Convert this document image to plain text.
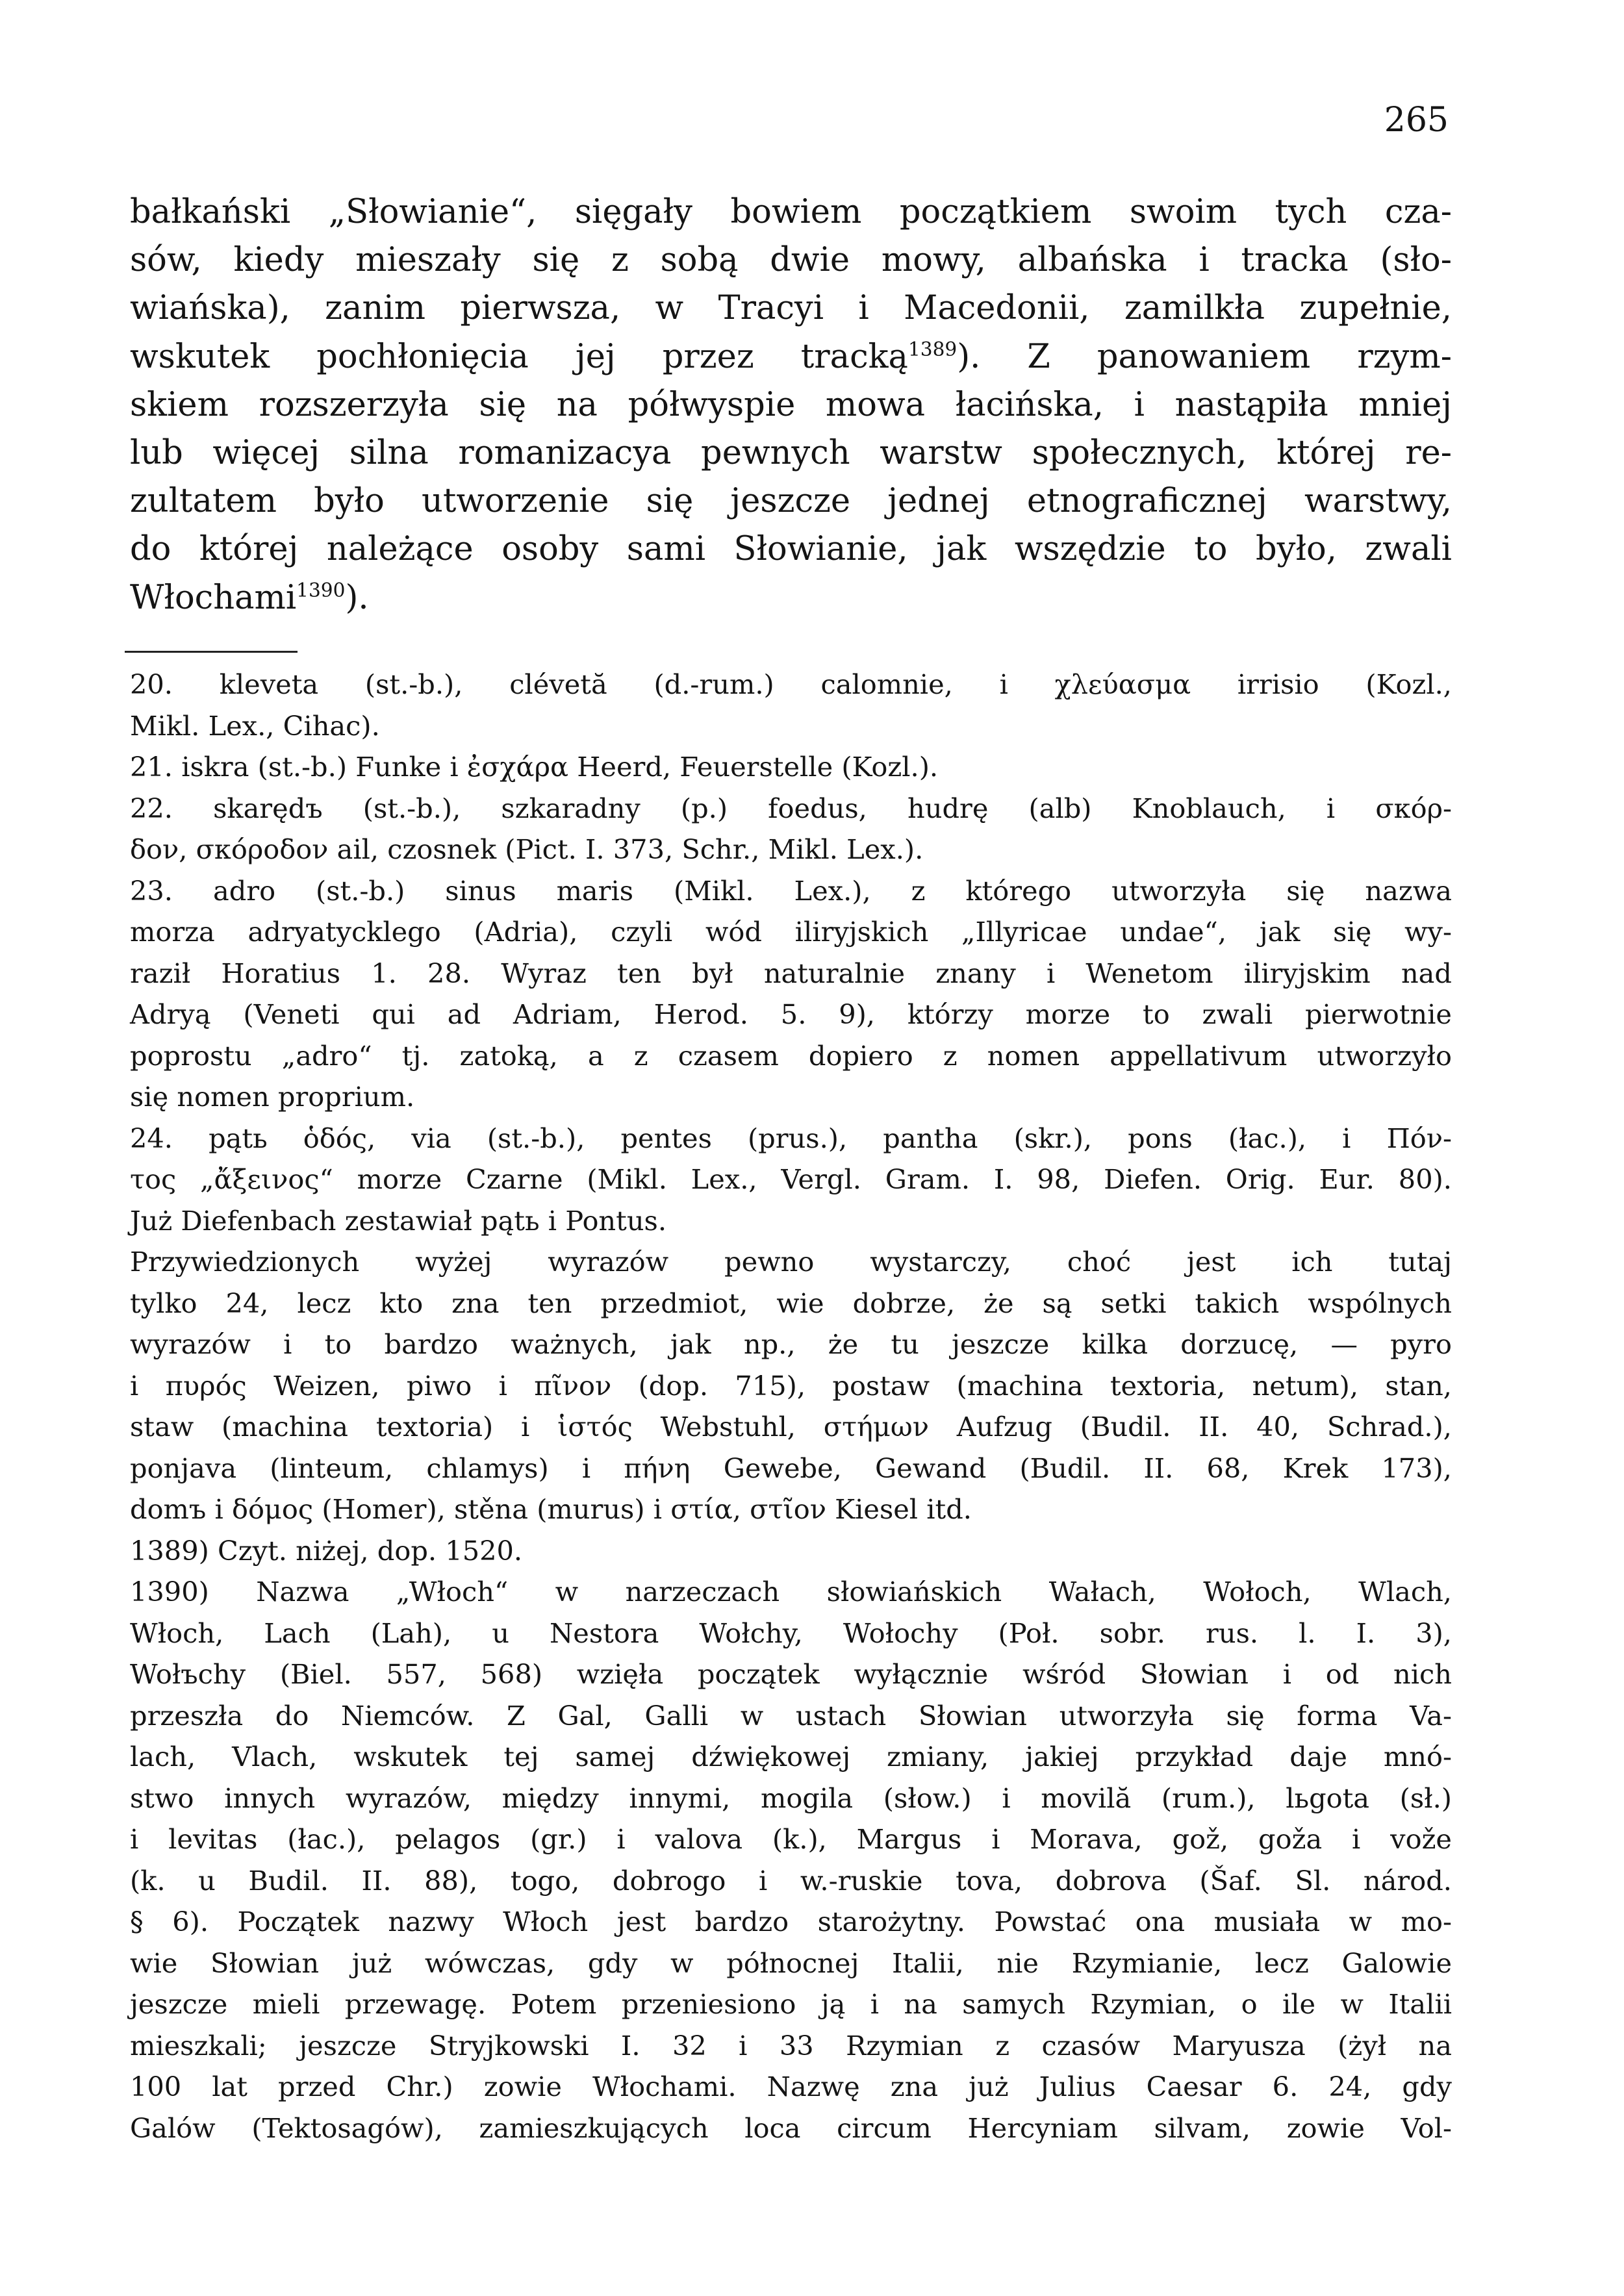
265
bałkański „Słowianie“, sięgały bowiem początkiem swoim tych cza-
sów, kiedy mieszały się z sobą dwie mowy, albańska i tracka (sło-
wiańska), zanim pierwsza, w Tracyi i Macedonii, zamilkła zupełnie,
wskutek pochłonięcia jej przez tracką$^{1389}$). Z panowaniem rzym-
skiem rozszerzyła się na półwyspie mowa łacińska, i nastąpiła mniej
lub więcej silna romanizacya pewnych warstw społecznych, której re-
zultatem było utworzenie się jeszcze jednej etnograficznej warstwy,
do której należące osoby sami Słowianie, jak wszędzie to było, zwali
Włochami$^{1390}$).
20. kleveta (st.-b.), clévetă (d.-rum.) calomnie, i χλεύασμα irrisio (Kozl.,
Mikl. Lex., Cihac).
21. iskra (st.-b.) Funke i ἐσχάρα Heerd, Feuerstelle (Kozl.).
22. skarędъ (st.-b.), szkaradny (p.) foedus, hudrę (alb) Knoblauch, i σκόρ-
δον, σκόροδον ail, czosnek (Pict. I. 373, Schr., Mikl. Lex.).
23. adro (st.-b.) sinus maris (Mikl. Lex.), z którego utworzyła się nazwa
morza adryatycklego (Adria), czyli wód iliryjskich „Illyricae undae“, jak się wy-
raził Horatius 1. 28. Wyraz ten był naturalnie znany i Wenetom iliryjskim nad
Adryą (Veneti qui ad Adriam, Herod. 5. 9), którzy morze to zwali pierwotnie
poprostu „adro“ tj. zatoką, a z czasem dopiero z nomen appellativum utworzyło
się nomen proprium.
24. pątь ὁδός, via (st.-b.), pentes (prus.), pantha (skr.), pons (łac.), i Πόν-
τος „ἄξεινος“ morze Czarne (Mikl. Lex., Vergl. Gram. I. 98, Diefen. Orig. Eur. 80).
Już Diefenbach zestawiał pątь i Pontus.
Przywiedzionych wyżej wyrazów pewno wystarczy, choć jest ich tutaj
tylko 24, lecz kto zna ten przedmiot, wie dobrze, że są setki takich wspólnych
wyrazów i to bardzo ważnych, jak np., że tu jeszcze kilka dorzucę, — pyro
i πυρός Weizen, piwo i πῖνον (dop. 715), postaw (machina textoria, netum), stan,
staw (machina textoria) i ἱστός Webstuhl, στήμων Aufzug (Budil. II. 40, Schrad.),
ponjava (linteum, chlamys) i πήνη Gewebe, Gewand (Budil. II. 68, Krek 173),
domъ i δόμος (Homer), stěna (murus) i στία, στῖον Kiesel itd.
1389) Czyt. niżej, dop. 1520.
1390) Nazwa „Włoch“ w narzeczach słowiańskich Wałach, Wołoch, Wlach,
Włoch, Lach (Lah), u Nestora Wołchy, Wołochy (Poł. sobr. rus. l. I. 3),
Wołъchy (Biel. 557, 568) wzięła początek wyłącznie wśród Słowian i od nich
przeszła do Niemców. Z Gal, Galli w ustach Słowian utworzyła się forma Va-
lach, Vlach, wskutek tej samej dźwiękowej zmiany, jakiej przykład daje mnó-
stwo innych wyrazów, między innymi, mogila (słow.) i movilă (rum.), lьgota (sł.)
i levitas (łac.), pelagos (gr.) i valova (k.), Margus i Morava, gož, goža i vože
(k. u Budil. II. 88), togo, dobrogo i w.-ruskie tova, dobrova (Šaf. Sl. národ.
§ 6). Początek nazwy Włoch jest bardzo starożytny. Powstać ona musiała w mo-
wie Słowian już wówczas, gdy w północnej Italii, nie Rzymianie, lecz Galowie
jeszcze mieli przewagę. Potem przeniesiono ją i na samych Rzymian, o ile w Italii
mieszkali; jeszcze Stryjkowski I. 32 i 33 Rzymian z czasów Maryusza (żył na
100 lat przed Chr.) zowie Włochami. Nazwę zna już Julius Caesar 6. 24, gdy
Galów (Tektosagów), zamieszkujących loca circum Hercyniam silvam, zowie Vol-
